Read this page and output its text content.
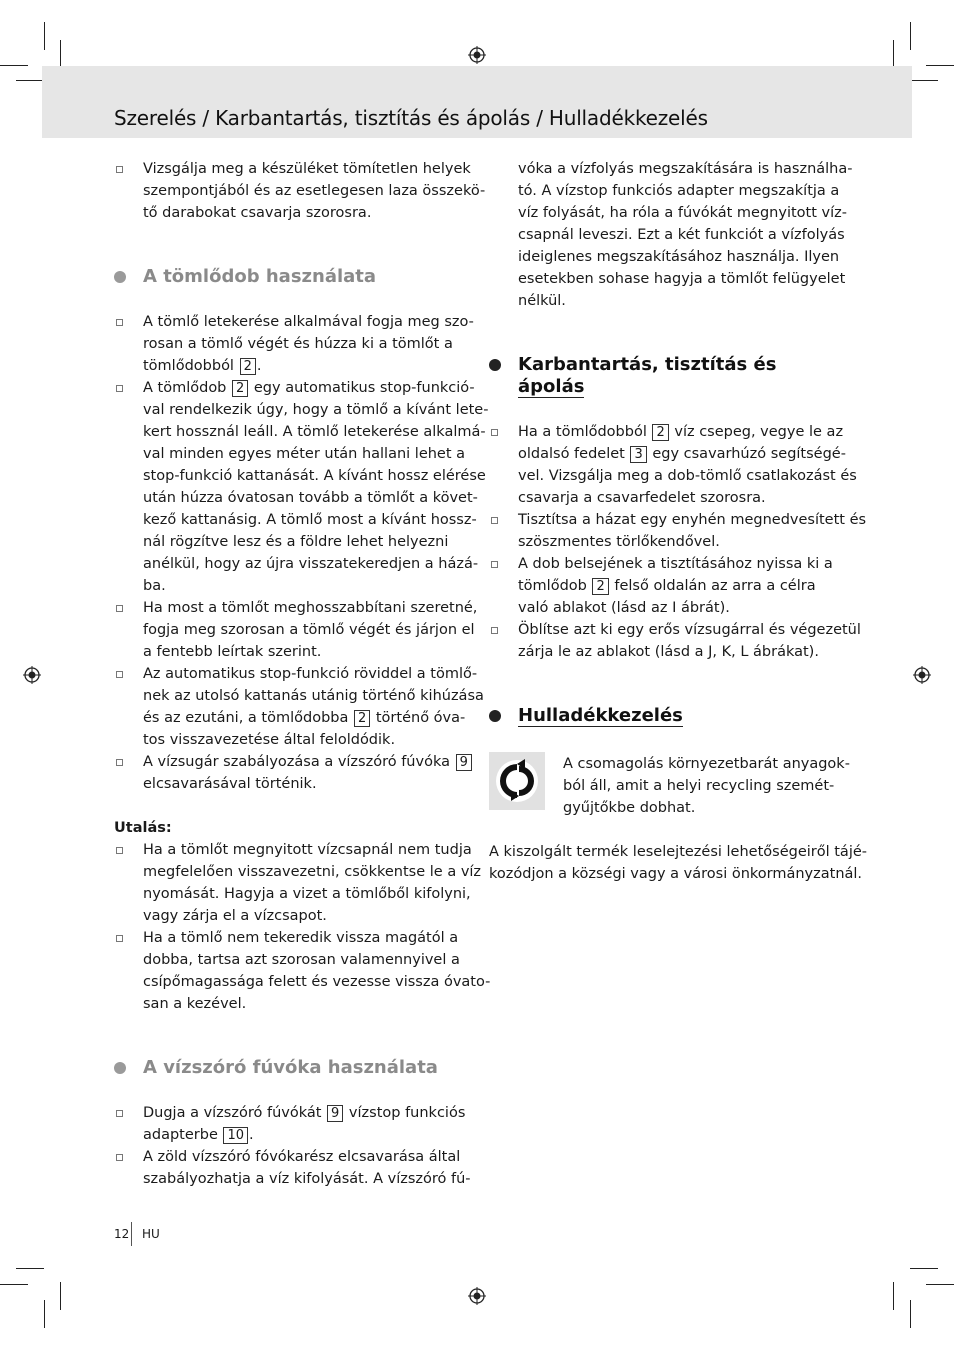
Szerelés / Karbantartás, tisztítás és ápolás / Hulladékkezelés
Vizsgálja meg a készüléket tömítetlen helyek
szempontjából és az esetlegesen laza összekö-
tő darabokat csavarja szorosra.
A tömlődob használata
A tömlő letekerése alkalmával fogja meg szo-
rosan a tömlő végét és húzza ki a tömlőt a
tömlődobból 2 .
A tömlődob 2 egy automatikus stop-funkció-
val rendelkezik úgy, hogy a tömlő a kívánt lete-
kert hossznál leáll. A tömlő letekerése alkalmá-
val minden egyes méter után hallani lehet a
stop-funkció kattanását. A kívánt hossz elérése
után húzza óvatosan tovább a tömlőt a követ-
kező kattanásig. A tömlő most a kívánt hossz-
nál rögzítve lesz és a földre lehet helyezni
anélkül, hogy az újra visszatekeredjen a házá-
ba.
Ha most a tömlőt meghosszabbítani szeretné,
fogja meg szorosan a tömlő végét és járjon el
a fentebb leírtak szerint.
Az automatikus stop-funkció röviddel a tömlő-
nek az utolsó kattanás utánig történő kihúzása
és az ezutáni, a tömlődobba 2 történő óva-
tos visszavezetése által feloldódik.
A vízsugár szabályozása a vízszóró fúvóka 9
elcsavarásával történik.
Utalás:
Ha a tömlőt megnyitott vízcsapnál nem tudja
megfelelően visszavezetni, csökkentse le a víz
nyomását. Hagyja a vizet a tömlőből kifolyni,
vagy zárja el a vízcsapot.
Ha a tömlő nem tekeredik vissza magától a
dobba, tartsa azt szorosan valamennyivel a
csípőmagassága felett és vezesse vissza óvato-
san a kezével.
A vízszóró fúvóka használata
Dugja a vízszóró fúvókát 9 vízstop funkciós
adapterbe 10 .
A zöld vízszóró fóvókarész elcsavarása által
szabályozhatja a víz kifolyását. A vízszóró fú-
vóka a vízfolyás megszakítására is használha-
tó. A vízstop funkciós adapter megszakítja a
víz folyását, ha róla a fúvókát megnyitott víz-
csapnál leveszi. Ezt a két funkciót a vízfolyás
ideiglenes megszakításához használja. Ilyen
esetekben sohase hagyja a tömlőt felügyelet
nélkül.
Karbantartás, tisztítás és
ápolás
Ha a tömlődobból 2 víz csepeg, vegye le az
oldalsó fedelet 3 egy csavarhúzó segítségé-
vel. Vizsgálja meg a dob-tömlő csatlakozást és
csavarja a csavarfedelet szorosra.
Tisztítsa a házat egy enyhén megnedvesített és
szöszmentes törlőkendővel.
A dob belsejének a tisztításához nyissa ki a
tömlődob 2 felső oldalán az arra a célra
való ablakot (lásd az I ábrát).
Öblítse azt ki egy erős vízsugárral és végezetül
zárja le az ablakot (lásd a J, K, L ábrákat).
Hulladékkezelés
A csomagolás környezetbarát anyagok-
ból áll, amit a helyi recycling szemét-
gyűjtőkbe dobhat.
A kiszolgált termék leselejtezési lehetőségeiről tájé-
kozódjon a községi vagy a városi önkormányzatnál.
12 HU
